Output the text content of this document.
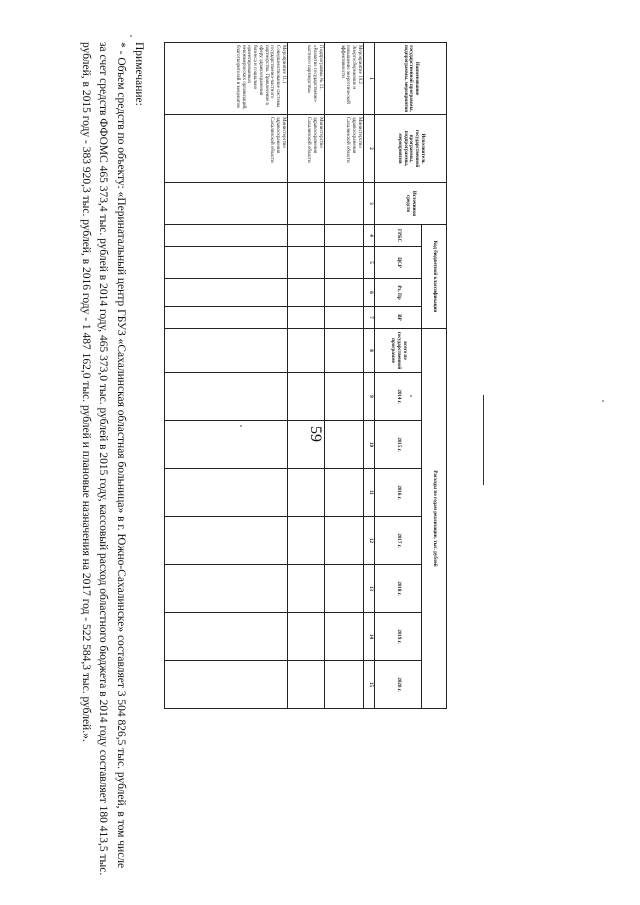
59
Наименование государственной программы, подпрограммы, мероприятия	Исполнитель государственной программы, подпрограммы, мероприятия	Источники средств	Код бюджетной классификации				Расходы по годам реализации, тыс. рублей							
			ГРБС	ЦСР	Рз, Пр	ВР	всего по государственной программе	2014 г.	2015 г.	2016 г.	2017 г.	2018 г.	2019 г.	2020 г.
1	2	3	4	5	6	7	8	9	10	11	12	13	14	15
Мероприятие 10.2 Энергосбережение и повышение энергетической эффективности	Министерство здравоохранения Сахалинской области													
Подпрограмма № 11. «Развитие государственно-частного партнерства»	Министерство здравоохранения Сахалинской области													
Мероприятие 11.1 Совершенствование системы государственно-частного партнерства. Привлечение в сферу здравоохранения бизнеса и социально ориентированных некоммерческих организаций, благотворителей и меценатов	Министерство здравоохранения Сахалинской области													
Примечание:
* - Объем средств по объекту: «Перинатальный центр ГБУЗ «Сахалинская областная больница» в г. Южно-Сахалинске» составляет 3 504 826,5 тыс. рублей, в том числе за счет средств ФФОМС 465 373,4 тыс. рублей в 2014 году, 465 373,0 тыс. рублей в 2015 году, кассовый расход областного бюджета в 2014 году составляет 180 413,5 тыс. рублей, в 2015 году - 383 920,3 тыс. рублей, в 2016 году - 1 487 162,0 тыс. рублей и плановые назначения на 2017 год - 522 584,3 тыс. рублей.».
